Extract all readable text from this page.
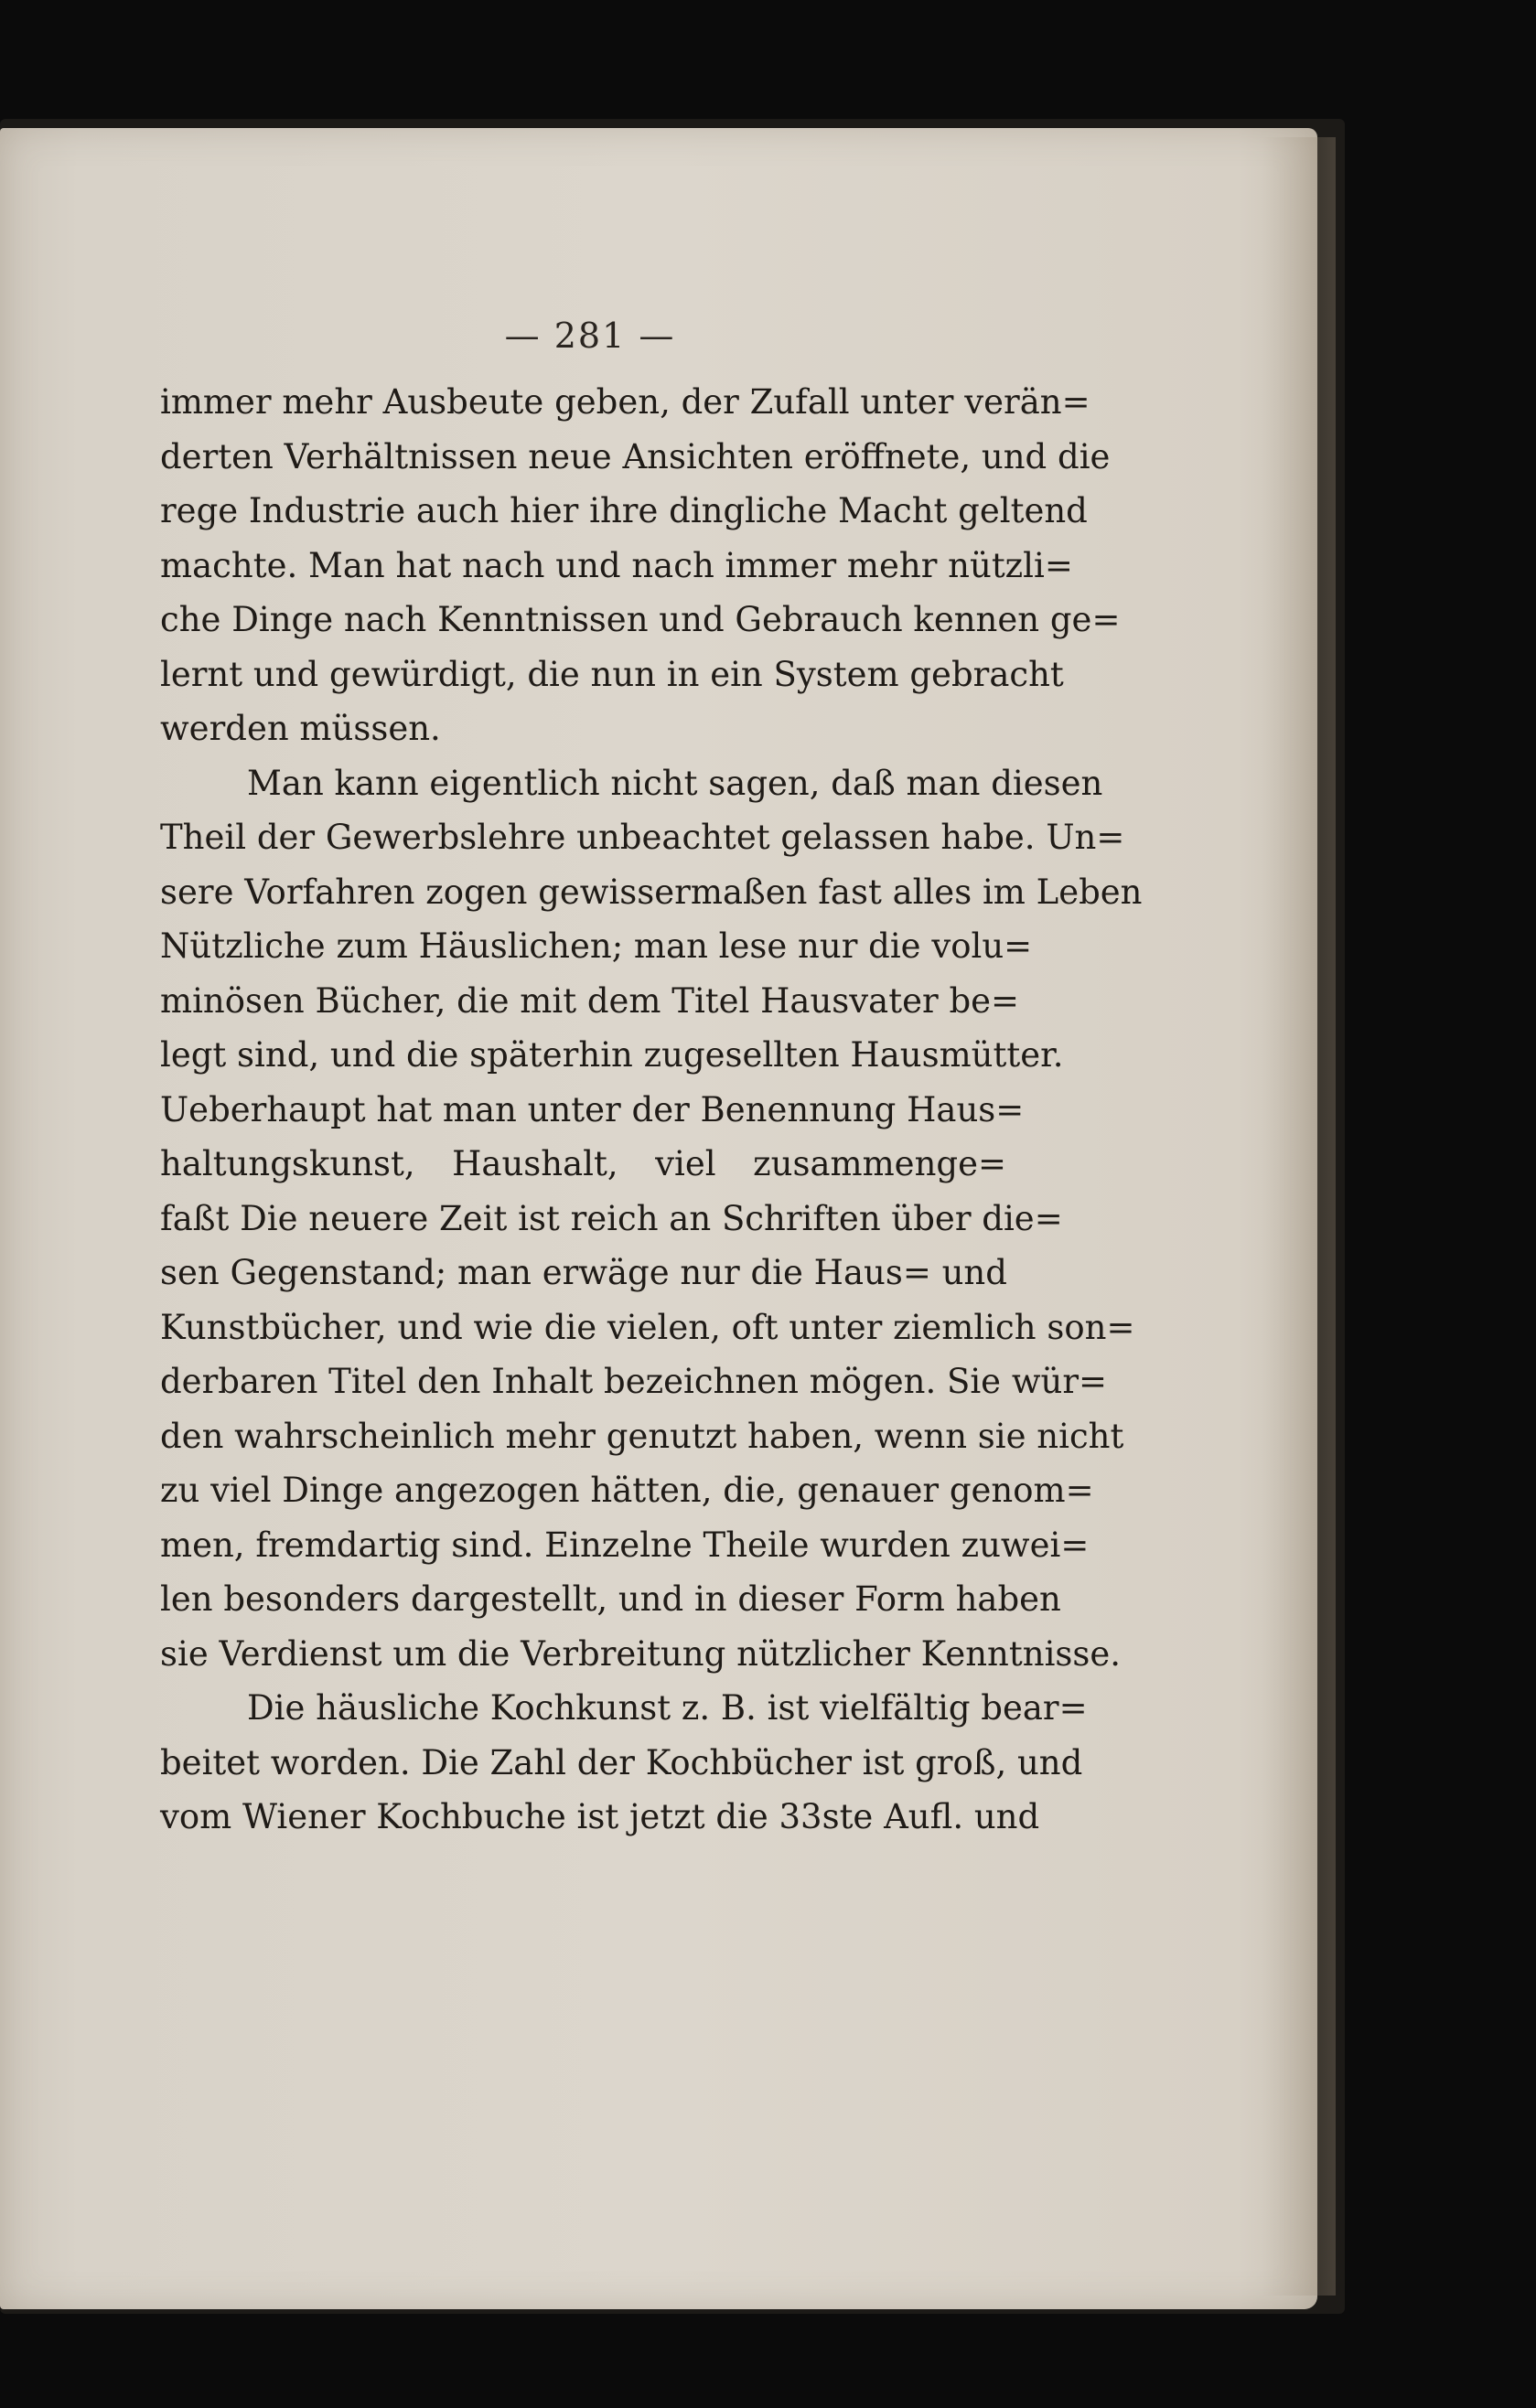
— 281 —
immer mehr Ausbeute geben, der Zufall unter verän=
derten Verhältnissen neue Ansichten eröffnete, und die
rege Industrie auch hier ihre dingliche Macht geltend
machte. Man hat nach und nach immer mehr nützli=
che Dinge nach Kenntnissen und Gebrauch kennen ge=
lernt und gewürdigt, die nun in ein System gebracht
werden müssen.
Man kann eigentlich nicht sagen, daß man diesen
Theil der Gewerbslehre unbeachtet gelassen habe. Un=
sere Vorfahren zogen gewissermaßen fast alles im Leben
Nützliche zum Häuslichen; man lese nur die volu=
minösen Bücher, die mit dem Titel Hausvater be=
legt sind, und die späterhin zugesellten Hausmütter.
Ueberhaupt hat man unter der Benennung Haus=
haltungskunst, Haushalt, viel zusammenge=
faßt Die neuere Zeit ist reich an Schriften über die=
sen Gegenstand; man erwäge nur die Haus= und
Kunstbücher, und wie die vielen, oft unter ziemlich son=
derbaren Titel den Inhalt bezeichnen mögen. Sie wür=
den wahrscheinlich mehr genutzt haben, wenn sie nicht
zu viel Dinge angezogen hätten, die, genauer genom=
men, fremdartig sind. Einzelne Theile wurden zuwei=
len besonders dargestellt, und in dieser Form haben
sie Verdienst um die Verbreitung nützlicher Kenntnisse.
Die häusliche Kochkunst z. B. ist vielfältig bear=
beitet worden. Die Zahl der Kochbücher ist groß, und
vom Wiener Kochbuche ist jetzt die 33ste Aufl. und
